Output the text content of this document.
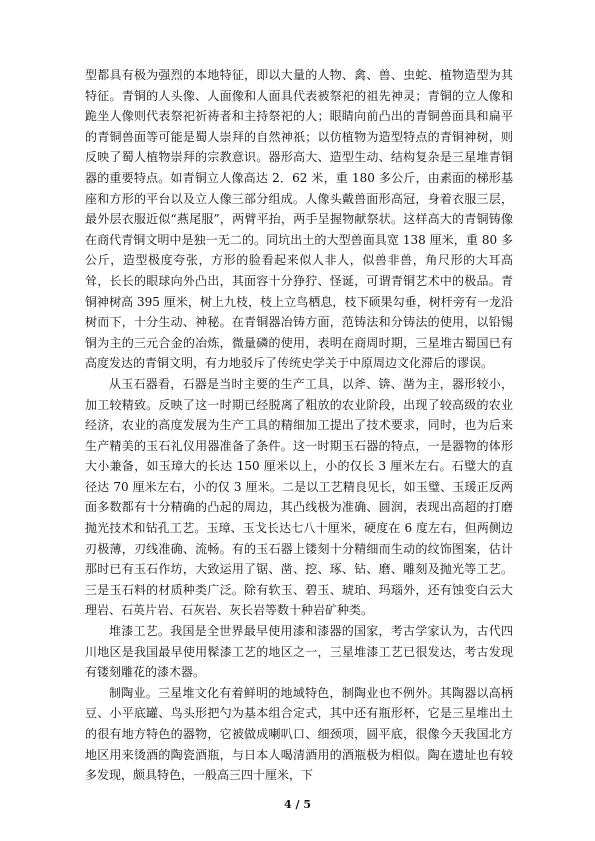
型都具有极为强烈的本地特征，即以大量的人物、禽、兽、虫蛇、植物造型为其特征。青铜的人头像、人面像和人面具代表被祭祀的祖先神灵；青铜的立人像和跪坐人像则代表祭祀祈祷者和主持祭祀的人；眼睛向前凸出的青铜兽面具和扁平的青铜兽面等可能是蜀人崇拜的自然神祇；以仿植物为造型特点的青铜神树，则反映了蜀人植物崇拜的宗教意识。器形高大、造型生动、结构复杂是三星堆青铜器的重要特点。如青铜立人像高达 2．62 米，重 180 多公斤，由素面的梯形基座和方形的平台以及立人像三部分组成。人像头戴兽面形高冠，身着衣服三层，最外层衣服近似“燕尾服”，两臂平抬，两手呈握物献祭状。这样高大的青铜铸像在商代青铜文明中是独一无二的。同坑出土的大型兽面具宽 138 厘米，重 80 多公斤，造型极度夸张，方形的脸看起来似人非人，似兽非兽，角尺形的大耳高耸，长长的眼球向外凸出，其面容十分狰狞、怪诞，可谓青铜艺术中的极品。青铜神树高 395 厘米，树上九枝，枝上立鸟栖息，枝下硕果勾垂，树杆旁有一龙沿树而下，十分生动、神秘。在青铜器冶铸方面，范铸法和分铸法的使用，以铅锡铜为主的三元合金的冶炼，微量磷的使用，表明在商周时期，三星堆古蜀国已有高度发达的青铜文明，有力地驳斥了传统史学关于中原周边文化滞后的谬误。

从玉石器看，石器是当时主要的生产工具，以斧、锛、凿为主，器形较小，加工较精致。反映了这一时期已经脱离了粗放的农业阶段，出现了较高级的农业经济，农业的高度发展为生产工具的精细加工提出了技术要求，同时，也为后来生产精美的玉石礼仪用器准备了条件。这一时期玉石器的特点，一是器物的体形大小兼备，如玉璋大的长达 150 厘米以上，小的仅长 3 厘米左右。石璧大的直径达 70 厘米左右，小的仅 3 厘米。二是以工艺精良见长，如玉璧、玉瑗正反两面多数都有十分精确的凸起的周边，其凸线极为准确、圆润，表现出高超的打磨抛光技术和钻孔工艺。玉璋、玉戈长达七八十厘米，硬度在 6 度左右，但两侧边刃极薄，刃线准确、流畅。有的玉石器上镂刻十分精细而生动的纹饰图案，估计那时已有玉石作坊，大致运用了锯、凿、挖、琢、钻、磨、雕刻及抛光等工艺。三是玉石料的材质种类广泛。除有软玉、碧玉、琥珀、玛瑙外，还有蚀变白云大理岩、石英片岩、石灰岩、灰长岩等数十种岩矿种类。

堆漆工艺。我国是全世界最早使用漆和漆器的国家，考古学家认为，古代四川地区是我国最早使用髹漆工艺的地区之一，三星堆漆工艺已很发达，考古发现有镂刻雕花的漆木器。

制陶业。三星堆文化有着鲜明的地域特色，制陶业也不例外。其陶器以高柄豆、小平底罐、鸟头形把勺为基本组合定式，其中还有瓶形杯，它是三星堆出土的很有地方特色的器物，它被做成喇叭口、细颈项，圆平底，很像今天我国北方地区用来烫酒的陶瓷酒瓶，与日本人喝清酒用的酒瓶极为相似。陶在遗址也有较多发现，颇具特色，一般高三四十厘米，下

4 / 5
